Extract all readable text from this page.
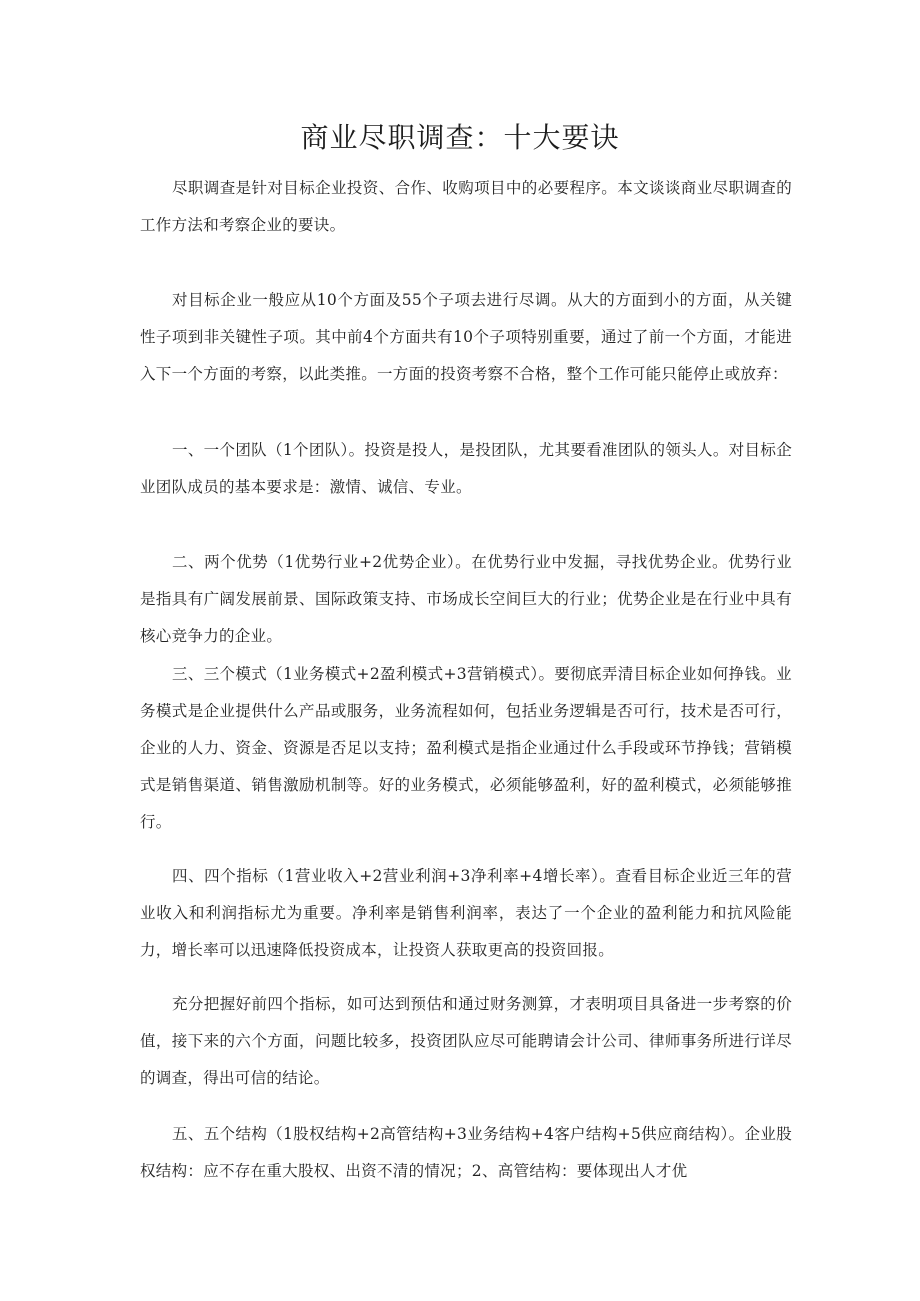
商业尽职调查：十大要诀

尽职调查是针对目标企业投资、合作、收购项目中的必要程序。本文谈谈商业尽职调查的工作方法和考察企业的要诀。

对目标企业一般应从10个方面及55个子项去进行尽调。从大的方面到小的方面，从关键性子项到非关键性子项。其中前4个方面共有10个子项特别重要，通过了前一个方面，才能进入下一个方面的考察，以此类推。一方面的投资考察不合格，整个工作可能只能停止或放弃：

一、一个团队（1个团队）。投资是投人，是投团队，尤其要看准团队的领头人。对目标企业团队成员的基本要求是：激情、诚信、专业。

二、两个优势（1优势行业+2优势企业）。在优势行业中发掘，寻找优势企业。优势行业是指具有广阔发展前景、国际政策支持、市场成长空间巨大的行业；优势企业是在行业中具有核心竞争力的企业。

三、三个模式（1业务模式+2盈利模式+3营销模式）。要彻底弄清目标企业如何挣钱。业务模式是企业提供什么产品或服务，业务流程如何，包括业务逻辑是否可行，技术是否可行，企业的人力、资金、资源是否足以支持；盈利模式是指企业通过什么手段或环节挣钱；营销模式是销售渠道、销售激励机制等。好的业务模式，必须能够盈利，好的盈利模式，必须能够推行。

四、四个指标（1营业收入+2营业利润+3净利率+4增长率）。查看目标企业近三年的营业收入和利润指标尤为重要。净利率是销售利润率，表达了一个企业的盈利能力和抗风险能力，增长率可以迅速降低投资成本，让投资人获取更高的投资回报。

充分把握好前四个指标，如可达到预估和通过财务测算，才表明项目具备进一步考察的价值，接下来的六个方面，问题比较多，投资团队应尽可能聘请会计公司、律师事务所进行详尽的调查，得出可信的结论。

五、五个结构（1股权结构+2高管结构+3业务结构+4客户结构+5供应商结构）。企业股权结构：应不存在重大股权、出资不清的情况；2、高管结构：要体现出人才优
